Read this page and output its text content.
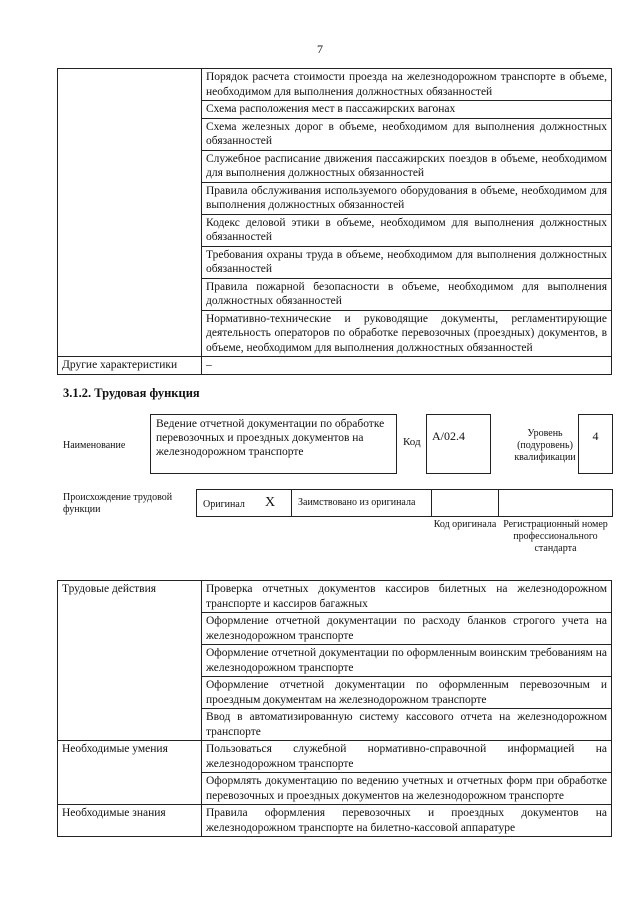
7
	Порядок расчета стоимости проезда на железнодорожном транспорте в объеме, необходимом для выполнения должностных обязанностей
	Схема расположения мест в пассажирских вагонах
	Схема железных дорог в объеме, необходимом для выполнения должностных обязанностей
	Служебное расписание движения пассажирских поездов в объеме, необходимом для выполнения должностных обязанностей
	Правила обслуживания используемого оборудования в объеме, необходимом для выполнения должностных обязанностей
	Кодекс деловой этики в объеме, необходимом для выполнения должностных обязанностей
	Требования охраны труда в объеме, необходимом для выполнения должностных обязанностей
	Правила пожарной безопасности в объеме, необходимом для выполнения должностных обязанностей
	Нормативно-технические и руководящие документы, регламентирующие деятельность операторов по обработке перевозочных (проездных) документов, в объеме, необходимом для выполнения должностных обязанностей
Другие характеристики	–
3.1.2. Трудовая функция
Наименование
Ведение отчетной документации по обработке перевозочных и проездных документов на железнодорожном транспорте
Код А/02.4	Уровень (подуровень) квалификации
4
Происхождение трудовой функции	Оригинал X	Заимствовано из оригинала
Код оригинала Регистрационный номер профессионального стандарта
Трудовые действия	Проверка отчетных документов кассиров билетных на железнодорожном транспорте и кассиров багажных
	Оформление отчетной документации по расходу бланков строгого учета на железнодорожном транспорте
	Оформление отчетной документации по оформленным воинским требованиям на железнодорожном транспорте
	Оформление отчетной документации по оформленным перевозочным и проездным документам на железнодорожном транспорте
	Ввод в автоматизированную систему кассового отчета на железнодорожном транспорте
Необходимые умения	Пользоваться служебной нормативно-справочной информацией на железнодорожном транспорте
	Оформлять документацию по ведению учетных и отчетных форм при обработке перевозочных и проездных документов на железнодорожном транспорте
Необходимые знания	Правила оформления перевозочных и проездных документов на железнодорожном транспорте на билетно-кассовой аппаратуре
